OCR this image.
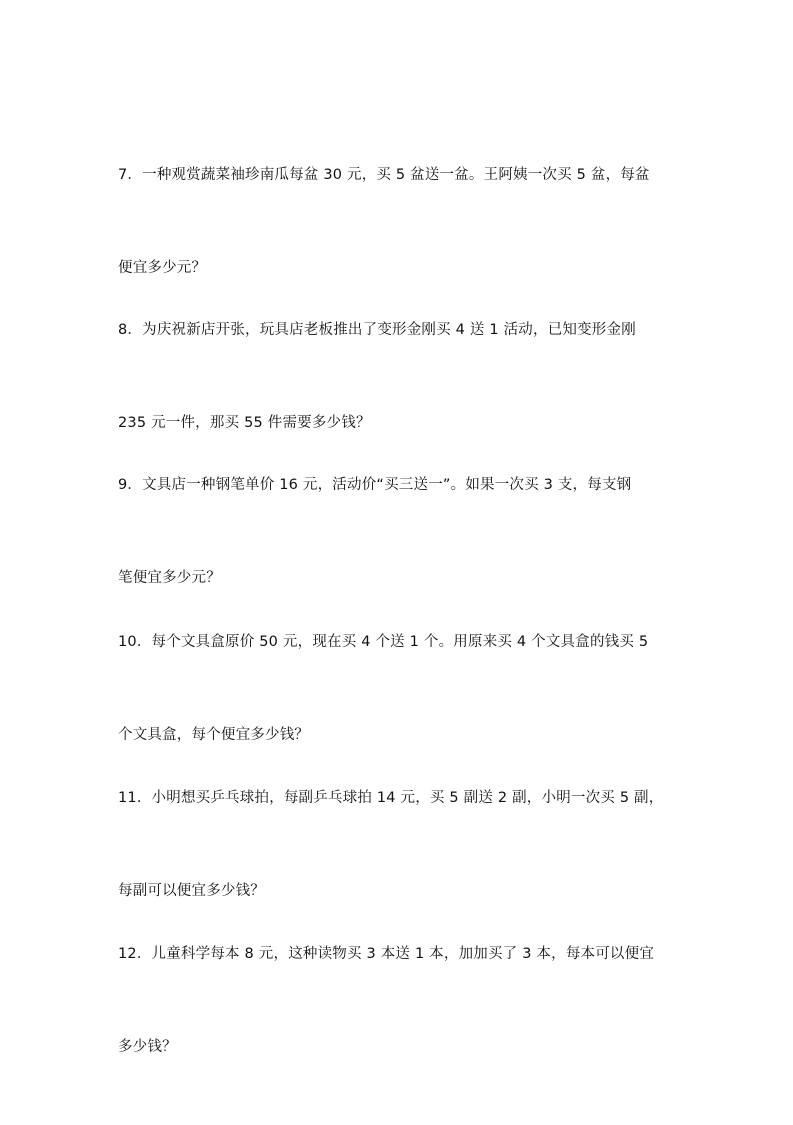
7．一种观赏蔬菜袖珍南瓜每盆 30 元，买 5 盆送一盆。王阿姨一次买 5 盆，每盆

便宜多少元？

8．为庆祝新店开张，玩具店老板推出了变形金刚买 4 送 1 活动，已知变形金刚

235 元一件，那买 55 件需要多少钱？

9．文具店一种钢笔单价 16 元，活动价“买三送一”。如果一次买 3 支，每支钢

笔便宜多少元？

10．每个文具盒原价 50 元，现在买 4 个送 1 个。用原来买 4 个文具盒的钱买 5

个文具盒，每个便宜多少钱？

11．小明想买乒乓球拍，每副乒乓球拍 14 元，买 5 副送 2 副，小明一次买 5 副，

每副可以便宜多少钱？

12．儿童科学每本 8 元，这种读物买 3 本送 1 本，加加买了 3 本，每本可以便宜

多少钱？
